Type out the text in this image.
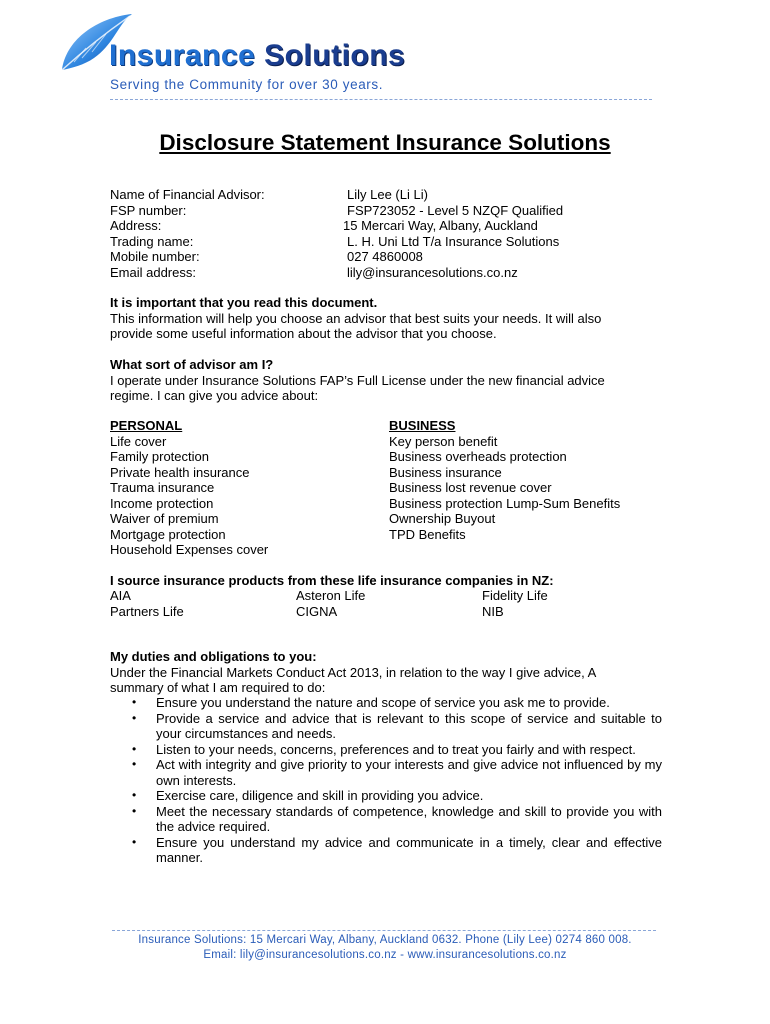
Insurance Solutions
Serving the Community for over 30 years.
Disclosure Statement Insurance Solutions
Name of Financial Advisor:
FSP number:
Address:
Trading name:
Mobile number:
Email address:
Lily Lee (Li Li)
FSP723052 - Level 5 NZQF Qualified
15 Mercari Way, Albany, Auckland
L. H. Uni Ltd T/a Insurance Solutions
027 4860008
lily@insurancesolutions.co.nz
It is important that you read this document.
This information will help you choose an advisor that best suits your needs. It will also
provide some useful information about the advisor that you choose.
What sort of advisor am I?
I operate under Insurance Solutions FAP’s Full License under the new financial advice
regime. I can give you advice about:
PERSONAL
Life cover
Family protection
Private health insurance
Trauma insurance
Income protection
Waiver of premium
Mortgage protection
Household Expenses cover
BUSINESS
Key person benefit
Business overheads protection
Business insurance
Business lost revenue cover
Business protection Lump-Sum Benefits
Ownership Buyout
TPD Benefits
I source insurance products from these life insurance companies in NZ:
AIA
Partners Life
Asteron Life
CIGNA
Fidelity Life
NIB
My duties and obligations to you:
Under the Financial Markets Conduct Act 2013, in relation to the way I give advice, A
summary of what I am required to do:
• Ensure you understand the nature and scope of service you ask me to provide.
• Provide a service and advice that is relevant to this scope of service and suitable to your circumstances and needs.
• Listen to your needs, concerns, preferences and to treat you fairly and with respect.
• Act with integrity and give priority to your interests and give advice not influenced by my own interests.
• Exercise care, diligence and skill in providing you advice.
• Meet the necessary standards of competence, knowledge and skill to provide you with the advice required.
• Ensure you understand my advice and communicate in a timely, clear and effective manner.
Insurance Solutions: 15 Mercari Way, Albany, Auckland 0632. Phone (Lily Lee) 0274 860 008.
Email: lily@insurancesolutions.co.nz - www.insurancesolutions.co.nz
